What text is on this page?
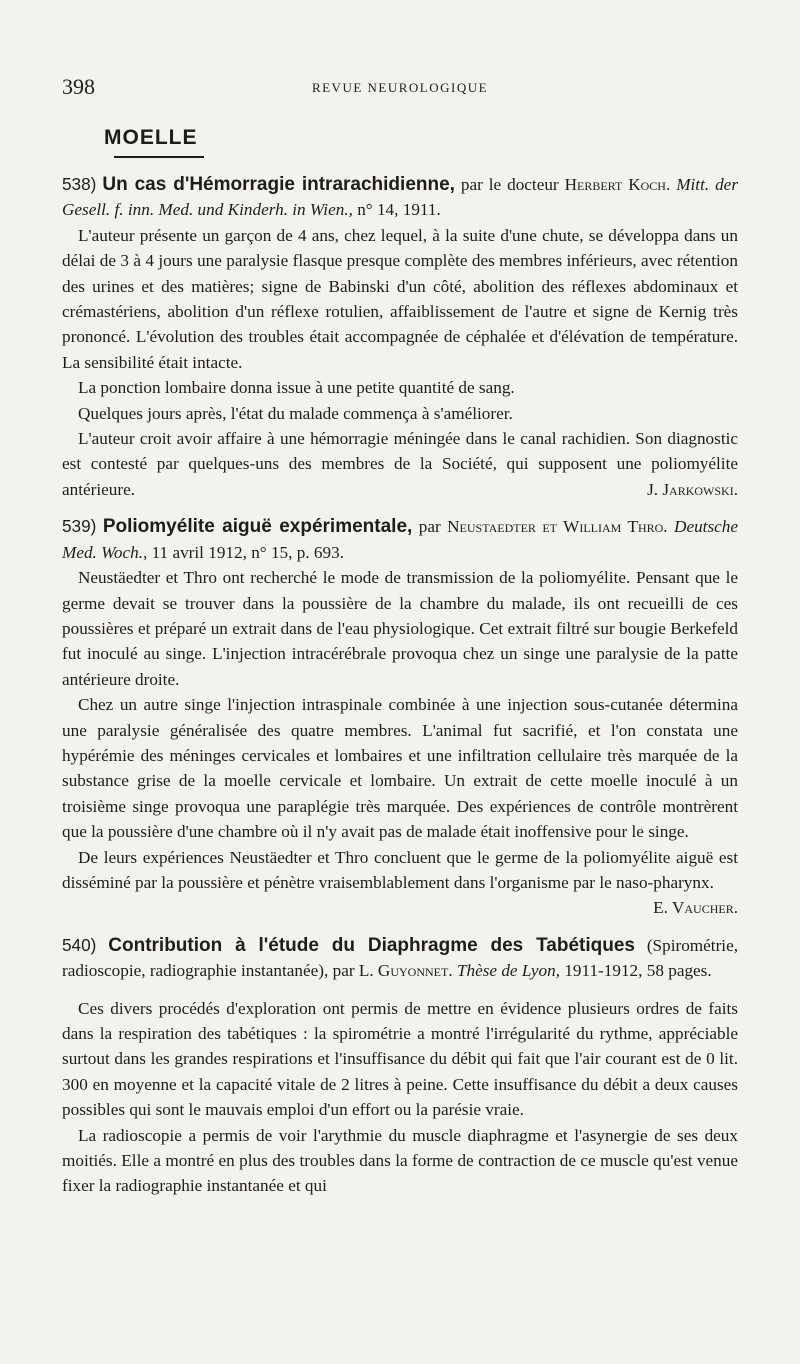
398	REVUE NEUROLOGIQUE
MOELLE

538) Un cas d'Hémorragie intrarachidienne, par le docteur Herbert Koch. Mitt. der Gesell. f. inn. Med. und Kinderh. in Wien., n° 14, 1911.

L'auteur présente un garçon de 4 ans, chez lequel, à la suite d'une chute, se développa dans un délai de 3 à 4 jours une paralysie flasque presque complète des membres inférieurs, avec rétention des urines et des matières; signe de Babinski d'un côté, abolition des réflexes abdominaux et crémastériens, abolition d'un réflexe rotulien, affaiblissement de l'autre et signe de Kernig très prononcé. L'évolution des troubles était accompagnée de céphalée et d'élévation de température. La sensibilité était intacte.

La ponction lombaire donna issue à une petite quantité de sang.

Quelques jours après, l'état du malade commença à s'améliorer.

L'auteur croit avoir affaire à une hémorragie méningée dans le canal rachidien. Son diagnostic est contesté par quelques-uns des membres de la Société, qui supposent une poliomyélite antérieure.	J. Jarkowski.

539) Poliomyélite aiguë expérimentale, par Neustaedter et William Thro. Deutsche Med. Woch., 11 avril 1912, n° 15, p. 693.

Neustäedter et Thro ont recherché le mode de transmission de la poliomyélite. Pensant que le germe devait se trouver dans la poussière de la chambre du malade, ils ont recueilli de ces poussières et préparé un extrait dans de l'eau physiologique. Cet extrait filtré sur bougie Berkefeld fut inoculé au singe. L'injection intracérébrale provoqua chez un singe une paralysie de la patte antérieure droite.

Chez un autre singe l'injection intraspinale combinée à une injection sous-cutanée détermina une paralysie généralisée des quatre membres. L'animal fut sacrifié, et l'on constata une hypérémie des méninges cervicales et lombaires et une infiltration cellulaire très marquée de la substance grise de la moelle cervicale et lombaire. Un extrait de cette moelle inoculé à un troisième singe provoqua une paraplégie très marquée. Des expériences de contrôle montrèrent que la poussière d'une chambre où il n'y avait pas de malade était inoffensive pour le singe.

De leurs expériences Neustäedter et Thro concluent que le germe de la poliomyélite aiguë est disséminé par la poussière et pénètre vraisemblablement dans l'organisme par le naso-pharynx.
E. Vaucher.

540) Contribution à l'étude du Diaphragme des Tabétiques (Spirométrie, radioscopie, radiographie instantanée), par L. Guyonnet. Thèse de Lyon, 1911-1912, 58 pages.

Ces divers procédés d'exploration ont permis de mettre en évidence plusieurs ordres de faits dans la respiration des tabétiques : la spirométrie a montré l'irrégularité du rythme, appréciable surtout dans les grandes respirations et l'insuffisance du débit qui fait que l'air courant est de 0 lit. 300 en moyenne et la capacité vitale de 2 litres à peine. Cette insuffisance du débit a deux causes possibles qui sont le mauvais emploi d'un effort ou la parésie vraie.

La radioscopie a permis de voir l'arythmie du muscle diaphragme et l'asynergie de ses deux moitiés. Elle a montré en plus des troubles dans la forme de contraction de ce muscle qu'est venue fixer la radiographie instantanée et qui
